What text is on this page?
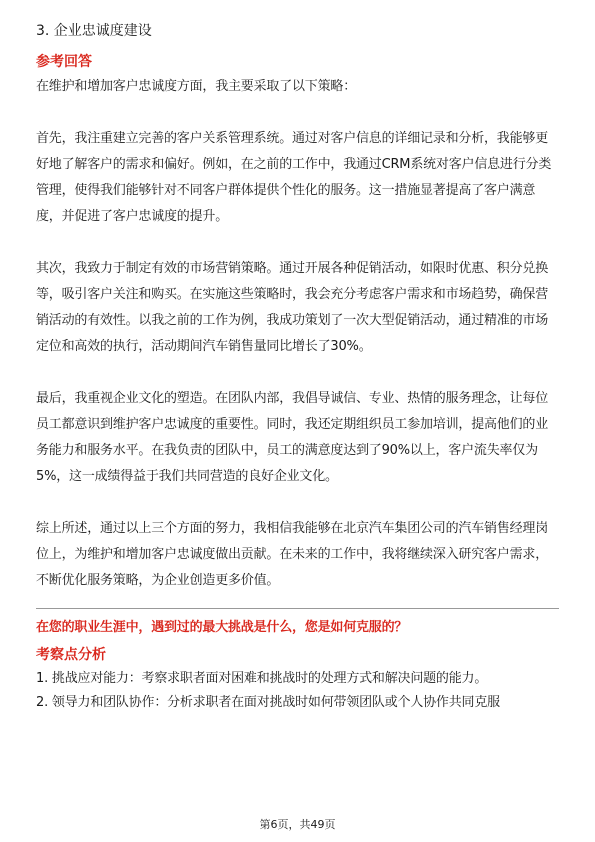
3. 企业忠诚度建设
参考回答

在维护和增加客户忠诚度方面，我主要采取了以下策略：

首先，我注重建立完善的客户关系管理系统。通过对客户信息的详细记录和分析，我能够更好地了解客户的需求和偏好。例如，在之前的工作中，我通过CRM系统对客户信息进行分类管理，使得我们能够针对不同客户群体提供个性化的服务。这一措施显著提高了客户满意度，并促进了客户忠诚度的提升。

其次，我致力于制定有效的市场营销策略。通过开展各种促销活动，如限时优惠、积分兑换等，吸引客户关注和购买。在实施这些策略时，我会充分考虑客户需求和市场趋势，确保营销活动的有效性。以我之前的工作为例，我成功策划了一次大型促销活动，通过精准的市场定位和高效的执行，活动期间汽车销售量同比增长了30%。

最后，我重视企业文化的塑造。在团队内部，我倡导诚信、专业、热情的服务理念，让每位员工都意识到维护客户忠诚度的重要性。同时，我还定期组织员工参加培训，提高他们的业务能力和服务水平。在我负责的团队中，员工的满意度达到了90%以上，客户流失率仅为5%，这一成绩得益于我们共同营造的良好企业文化。

综上所述，通过以上三个方面的努力，我相信我能够在北京汽车集团公司的汽车销售经理岗位上，为维护和增加客户忠诚度做出贡献。在未来的工作中，我将继续深入研究客户需求，不断优化服务策略，为企业创造更多价值。

在您的职业生涯中，遇到过的最大挑战是什么，您是如何克服的？
考察点分析
1. 挑战应对能力：考察求职者面对困难和挑战时的处理方式和解决问题的能力。
2. 领导力和团队协作：分析求职者在面对挑战时如何带领团队或个人协作共同克服
第6页，共49页
